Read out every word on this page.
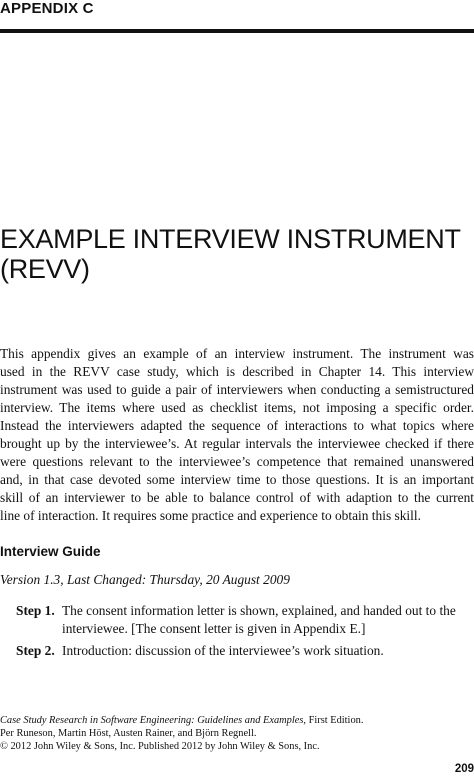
APPENDIX C
EXAMPLE INTERVIEW INSTRUMENT
(REVV)
This appendix gives an example of an interview instrument. The instrument was
used in the REVV case study, which is described in Chapter 14. This interview
instrument was used to guide a pair of interviewers when conducting a semistructured
interview. The items where used as checklist items, not imposing a specific order.
Instead the interviewers adapted the sequence of interactions to what topics where
brought up by the interviewee’s. At regular intervals the interviewee checked if there
were questions relevant to the interviewee’s competence that remained unanswered
and, in that case devoted some interview time to those questions. It is an important
skill of an interviewer to be able to balance control of with adaption to the current
line of interaction. It requires some practice and experience to obtain this skill.
Interview Guide
Version 1.3, Last Changed: Thursday, 20 August 2009
Step 1. The consent information letter is shown, explained, and handed out to the interviewee. [The consent letter is given in Appendix E.]
Step 2. Introduction: discussion of the interviewee’s work situation.
Case Study Research in Software Engineering: Guidelines and Examples, First Edition.
Per Runeson, Martin Höst, Austen Rainer, and Björn Regnell.
© 2012 John Wiley & Sons, Inc. Published 2012 by John Wiley & Sons, Inc.
209
